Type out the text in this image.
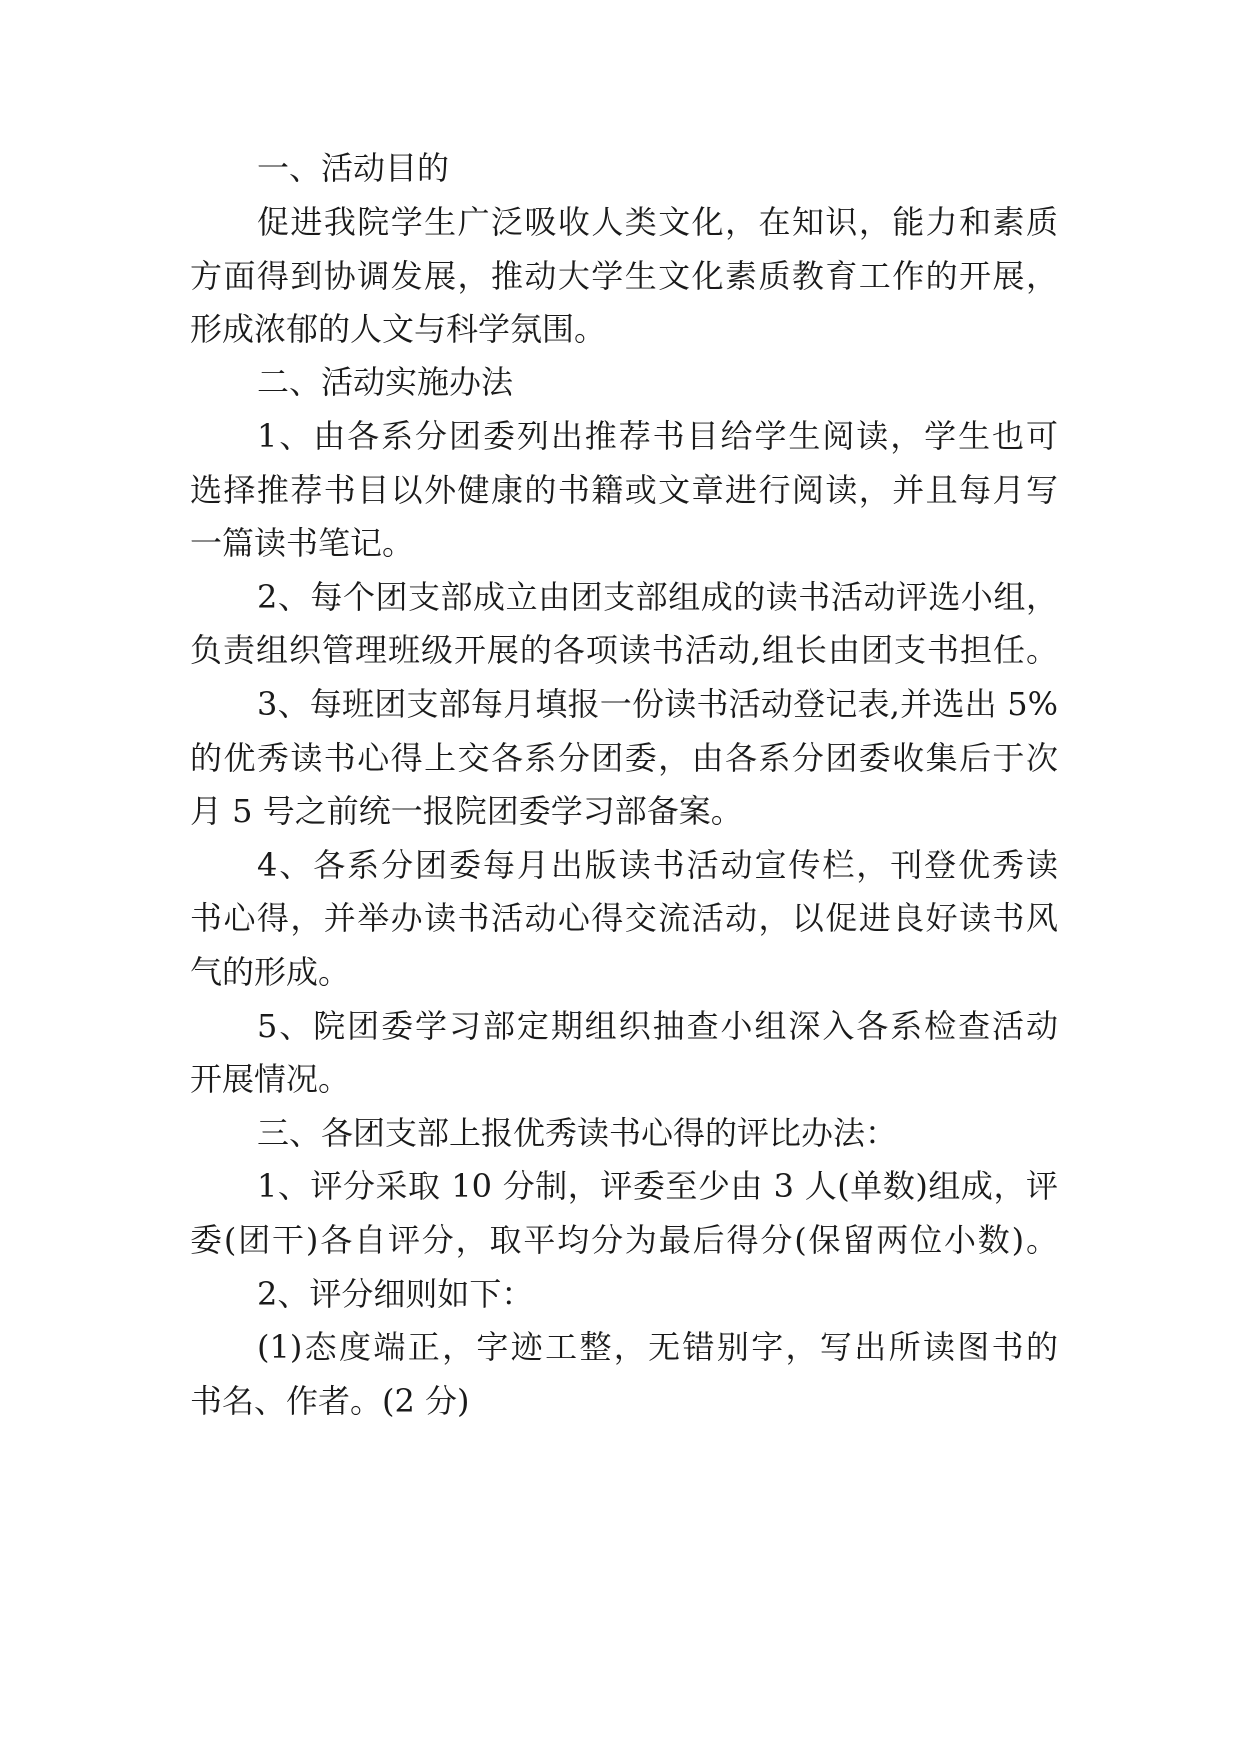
一、活动目的
促进我院学生广泛吸收人类文化，在知识，能力和素质
方面得到协调发展，推动大学生文化素质教育工作的开展，
形成浓郁的人文与科学氛围。
二、活动实施办法
1、由各系分团委列出推荐书目给学生阅读，学生也可
选择推荐书目以外健康的书籍或文章进行阅读，并且每月写
一篇读书笔记。
2、每个团支部成立由团支部组成的读书活动评选小组，
负责组织管理班级开展的各项读书活动,组长由团支书担任。
3、每班团支部每月填报一份读书活动登记表,并选出 5%
的优秀读书心得上交各系分团委，由各系分团委收集后于次
月 5 号之前统一报院团委学习部备案。
4、各系分团委每月出版读书活动宣传栏，刊登优秀读
书心得，并举办读书活动心得交流活动，以促进良好读书风
气的形成。
5、院团委学习部定期组织抽查小组深入各系检查活动
开展情况。
三、各团支部上报优秀读书心得的评比办法：
1、评分采取 10 分制，评委至少由 3 人(单数)组成，评
委(团干)各自评分，取平均分为最后得分(保留两位小数)。
2、评分细则如下：
(1)态度端正，字迹工整，无错别字，写出所读图书的
书名、作者。(2 分)
